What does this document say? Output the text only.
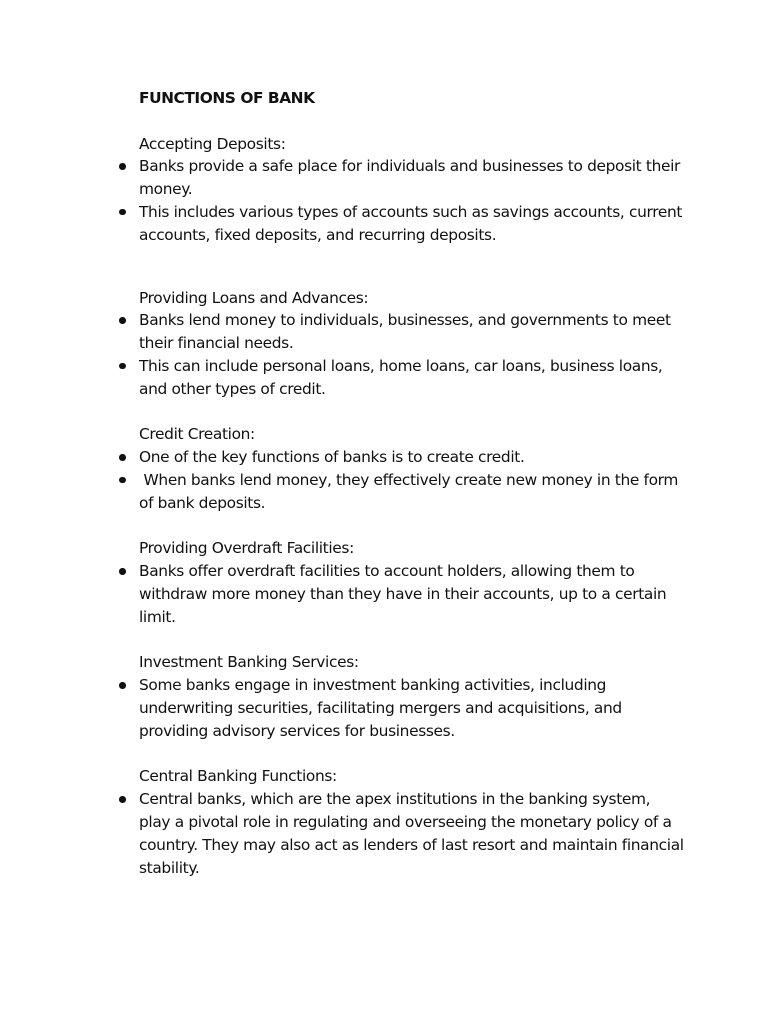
FUNCTIONS OF BANK
Accepting Deposits:
Banks provide a safe place for individuals and businesses to deposit their money.
This includes various types of accounts such as savings accounts, current accounts, fixed deposits, and recurring deposits.
Providing Loans and Advances:
Banks lend money to individuals, businesses, and governments to meet their financial needs.
This can include personal loans, home loans, car loans, business loans, and other types of credit.
Credit Creation:
One of the key functions of banks is to create credit.
When banks lend money, they effectively create new money in the form of bank deposits.
Providing Overdraft Facilities:
Banks offer overdraft facilities to account holders, allowing them to withdraw more money than they have in their accounts, up to a certain limit.
Investment Banking Services:
Some banks engage in investment banking activities, including underwriting securities, facilitating mergers and acquisitions, and providing advisory services for businesses.
Central Banking Functions:
Central banks, which are the apex institutions in the banking system, play a pivotal role in regulating and overseeing the monetary policy of a country. They may also act as lenders of last resort and maintain financial stability.
